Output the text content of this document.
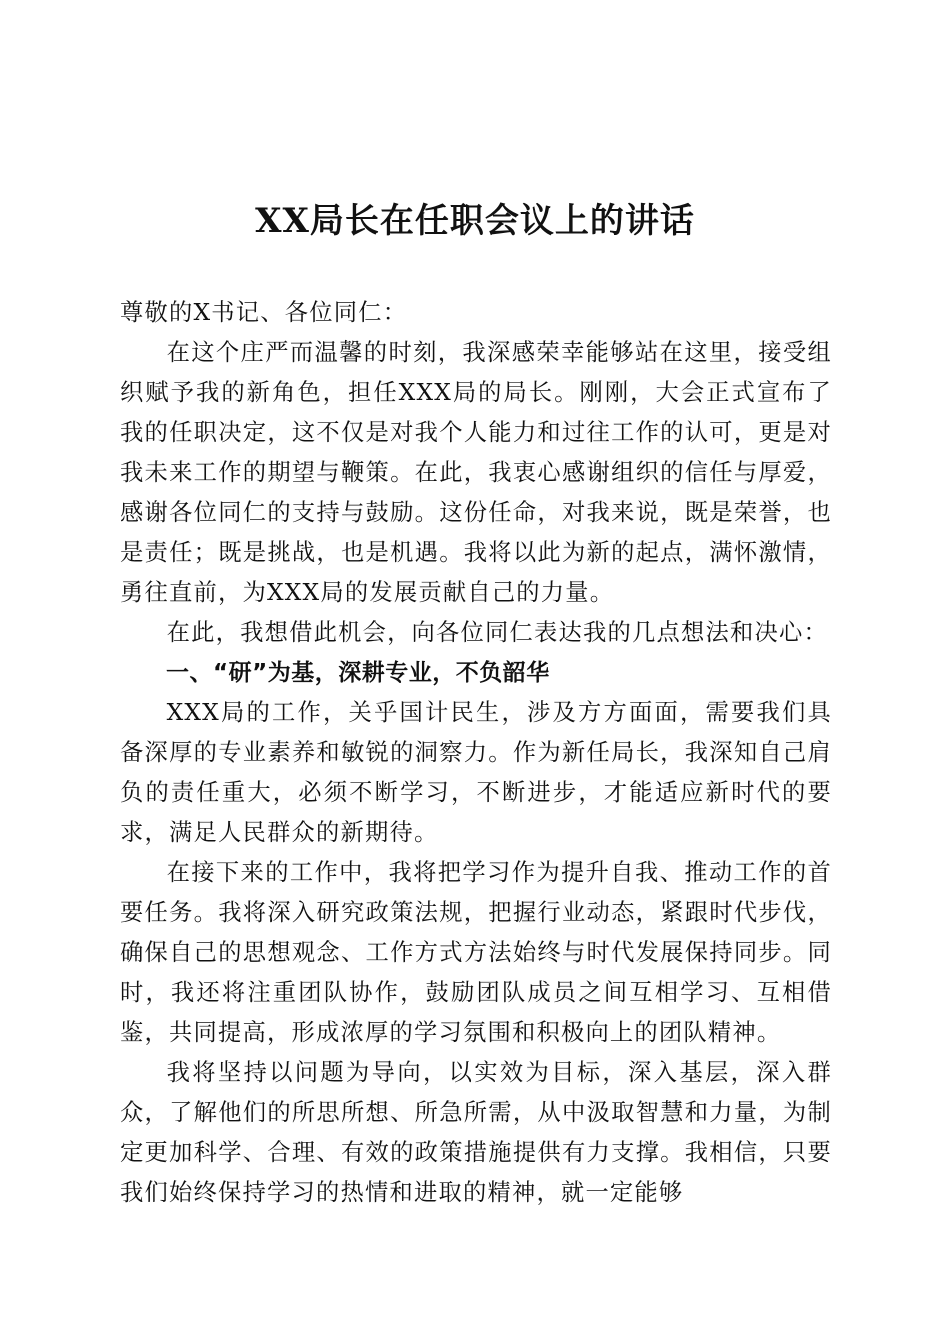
XX局长在任职会议上的讲话

尊敬的X书记、各位同仁：

在这个庄严而温馨的时刻，我深感荣幸能够站在这里，接受组织赋予我的新角色，担任XXX局的局长。刚刚，大会正式宣布了我的任职决定，这不仅是对我个人能力和过往工作的认可，更是对我未来工作的期望与鞭策。在此，我衷心感谢组织的信任与厚爱，感谢各位同仁的支持与鼓励。这份任命，对我来说，既是荣誉，也是责任；既是挑战，也是机遇。我将以此为新的起点，满怀激情，勇往直前，为XXX局的发展贡献自己的力量。

在此，我想借此机会，向各位同仁表达我的几点想法和决心：

一、“研”为基，深耕专业，不负韶华

XXX局的工作，关乎国计民生，涉及方方面面，需要我们具备深厚的专业素养和敏锐的洞察力。作为新任局长，我深知自己肩负的责任重大，必须不断学习，不断进步，才能适应新时代的要求，满足人民群众的新期待。

在接下来的工作中，我将把学习作为提升自我、推动工作的首要任务。我将深入研究政策法规，把握行业动态，紧跟时代步伐，确保自己的思想观念、工作方式方法始终与时代发展保持同步。同时，我还将注重团队协作，鼓励团队成员之间互相学习、互相借鉴，共同提高，形成浓厚的学习氛围和积极向上的团队精神。

我将坚持以问题为导向，以实效为目标，深入基层，深入群众，了解他们的所思所想、所急所需，从中汲取智慧和力量，为制定更加科学、合理、有效的政策措施提供有力支撑。我相信，只要我们始终保持学习的热情和进取的精神，就一定能够
